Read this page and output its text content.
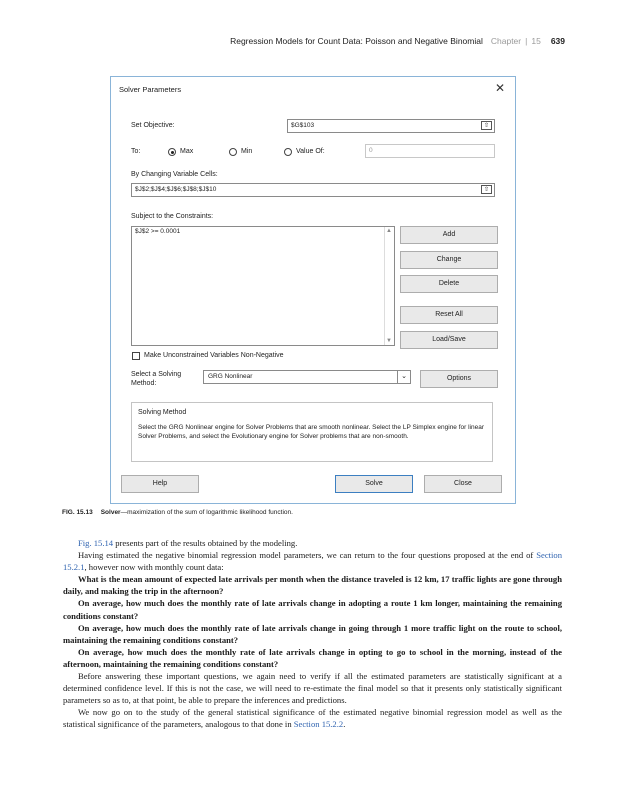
Regression Models for Count Data: Poisson and Negative Binomial Chapter | 15 639
Solver Parameters	✕
Set Objective:	$G$103	⇧
To:	Max	Min	Value Of:	0
By Changing Variable Cells:
$J$2;$J$4;$J$6;$J$8;$J$10	⇧
Subject to the Constraints:
$J$2 >= 0.0001	▲
▼
Add
Change
Delete
Reset All
Load/Save
Make Unconstrained Variables Non-Negative
Select a Solving
Method:
GRG Nonlinear	⌄	Options
Solving Method
Select the GRG Nonlinear engine for Solver Problems that are smooth nonlinear. Select the LP Simplex engine for linear Solver Problems, and select the Evolutionary engine for Solver problems that are non-smooth.
Help	Solve	Close
FIG. 15.13 Solver—maximization of the sum of logarithmic likelihood function.

Fig. 15.14 presents part of the results obtained by the modeling.

Having estimated the negative binomial regression model parameters, we can return to the four questions proposed at the end of Section 15.2.1, however now with monthly count data:

What is the mean amount of expected late arrivals per month when the distance traveled is 12 km, 17 traffic lights are gone through daily, and making the trip in the afternoon?

On average, how much does the monthly rate of late arrivals change in adopting a route 1 km longer, maintaining the remaining conditions constant?

On average, how much does the monthly rate of late arrivals change in going through 1 more traffic light on the route to school, maintaining the remaining conditions constant?

On average, how much does the monthly rate of late arrivals change in opting to go to school in the morning, instead of the afternoon, maintaining the remaining conditions constant?

Before answering these important questions, we again need to verify if all the estimated parameters are statistically significant at a determined confidence level. If this is not the case, we will need to re-estimate the final model so that it presents only statistically significant parameters so as to, at that point, be able to prepare the inferences and predictions.

We now go on to the study of the general statistical significance of the estimated negative binomial regression model as well as the statistical significance of the parameters, analogous to that done in Section 15.2.2.
